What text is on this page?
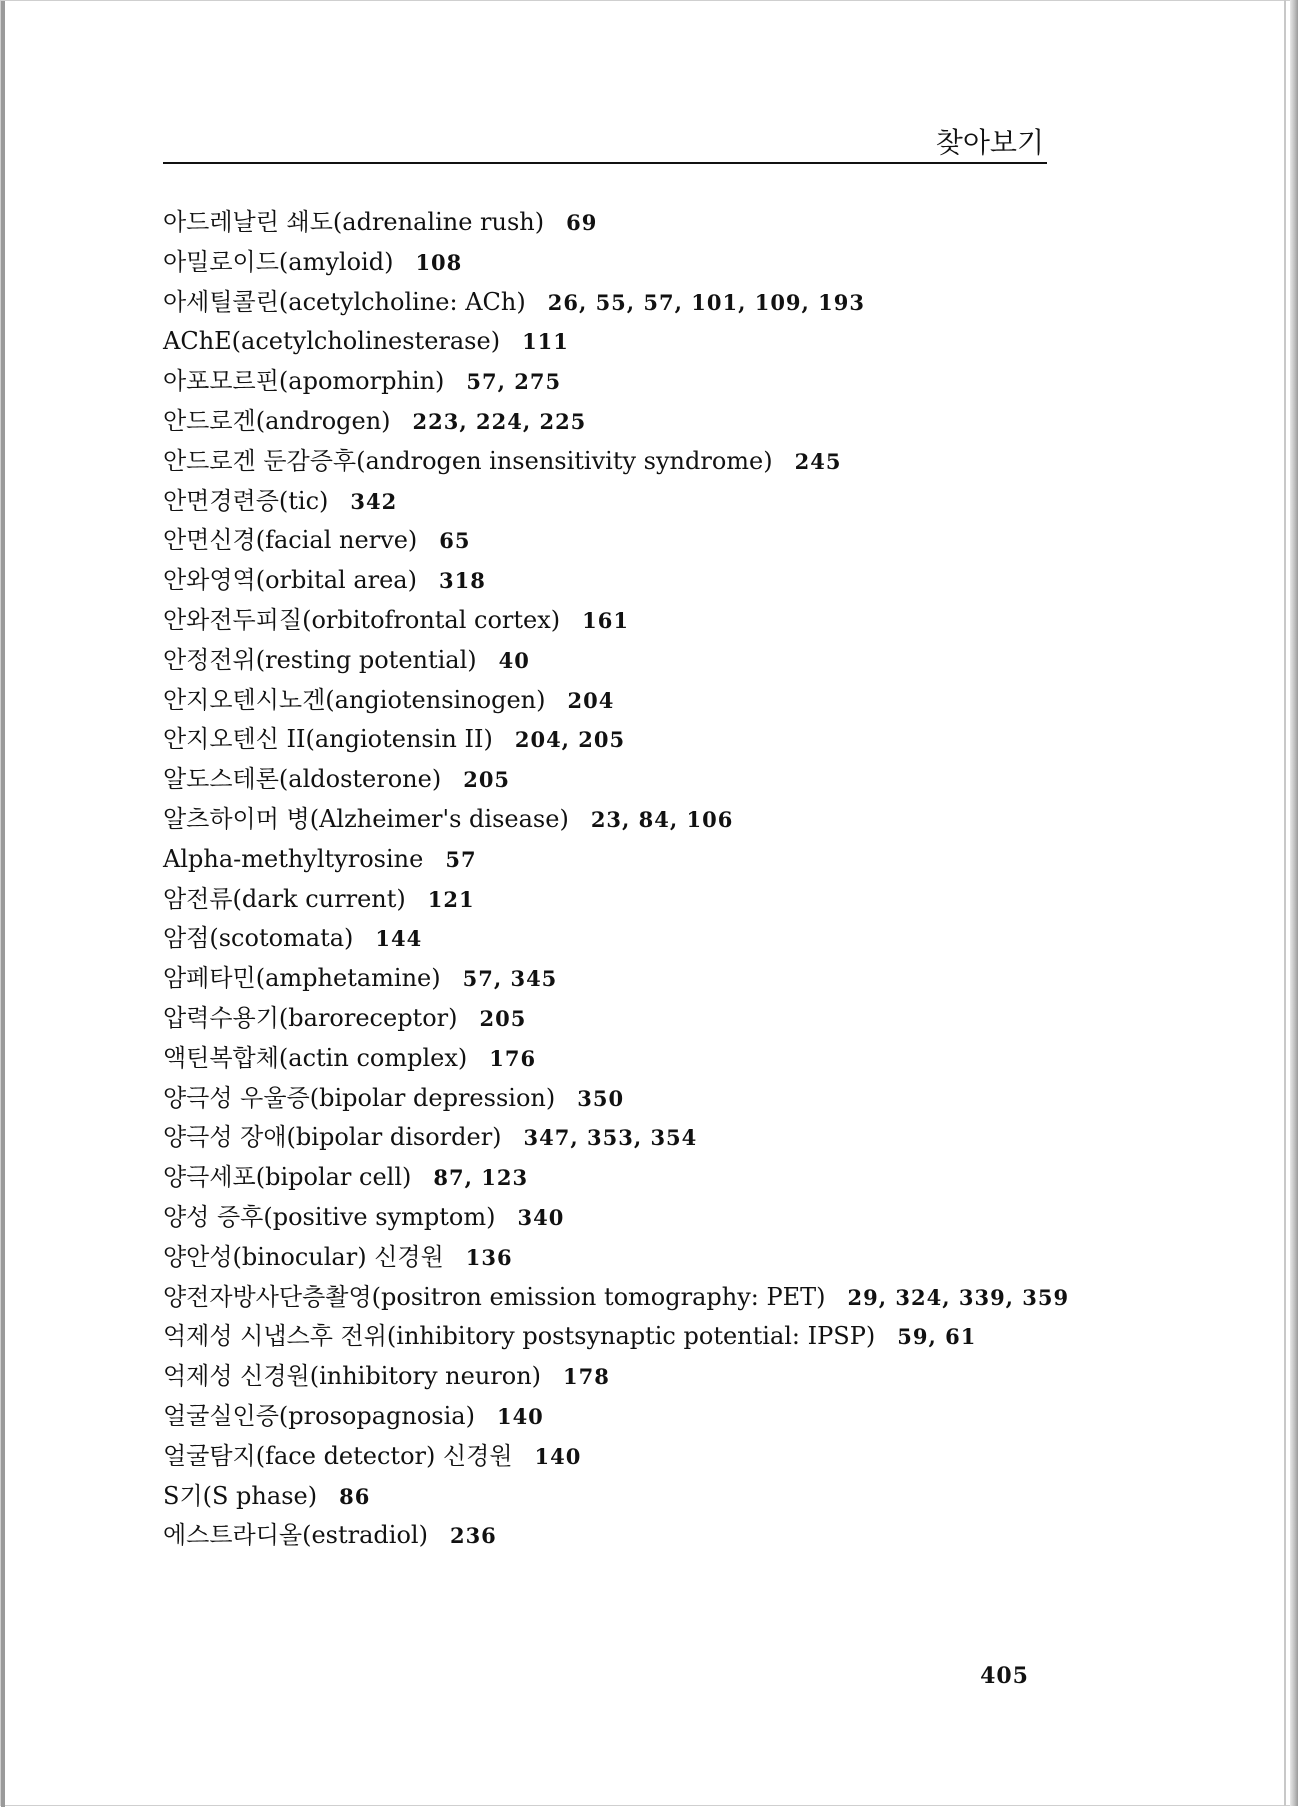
찾아보기
아드레날린 쇄도(adrenaline rush) 69
아밀로이드(amyloid) 108
아세틸콜린(acetylcholine: ACh) 26, 55, 57, 101, 109, 193
AChE(acetylcholinesterase) 111
아포모르핀(apomorphin) 57, 275
안드로겐(androgen) 223, 224, 225
안드로겐 둔감증후(androgen insensitivity syndrome) 245
안면경련증(tic) 342
안면신경(facial nerve) 65
안와영역(orbital area) 318
안와전두피질(orbitofrontal cortex) 161
안정전위(resting potential) 40
안지오텐시노겐(angiotensinogen) 204
안지오텐신 II(angiotensin II) 204, 205
알도스테론(aldosterone) 205
알츠하이머 병(Alzheimer's disease) 23, 84, 106
Alpha-methyltyrosine 57
암전류(dark current) 121
암점(scotomata) 144
암페타민(amphetamine) 57, 345
압력수용기(baroreceptor) 205
액틴복합체(actin complex) 176
양극성 우울증(bipolar depression) 350
양극성 장애(bipolar disorder) 347, 353, 354
양극세포(bipolar cell) 87, 123
양성 증후(positive symptom) 340
양안성(binocular) 신경원 136
양전자방사단층촬영(positron emission tomography: PET) 29, 324, 339, 359
억제성 시냅스후 전위(inhibitory postsynaptic potential: IPSP) 59, 61
억제성 신경원(inhibitory neuron) 178
얼굴실인증(prosopagnosia) 140
얼굴탐지(face detector) 신경원 140
S기(S phase) 86
에스트라디올(estradiol) 236
405
